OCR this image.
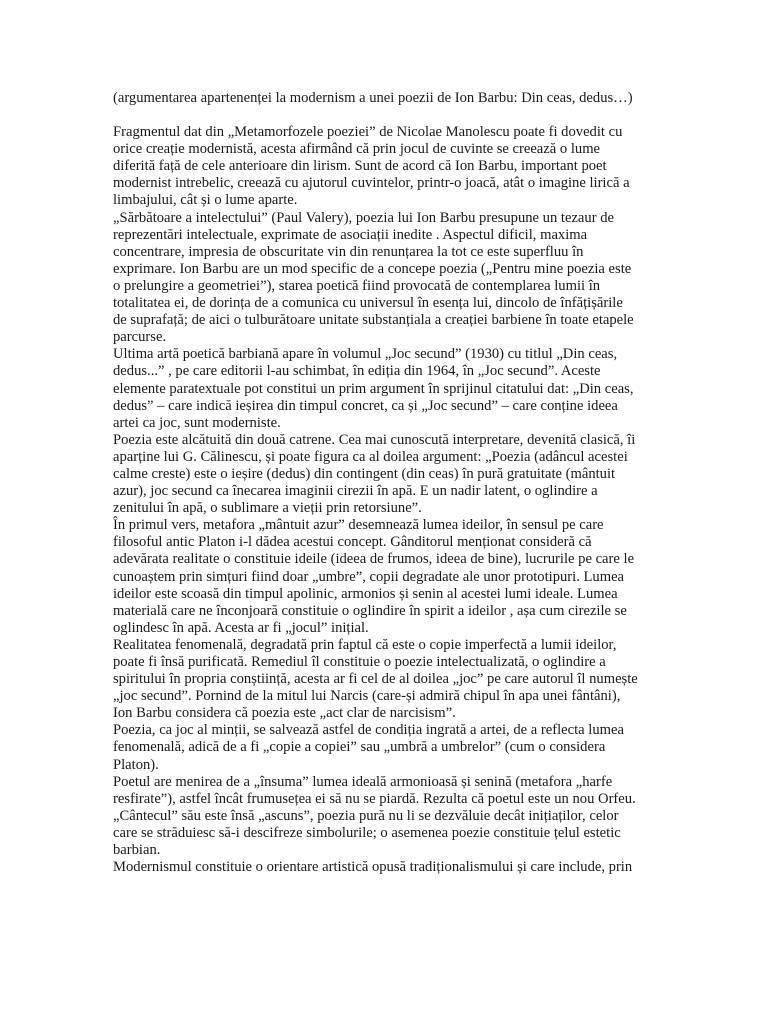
(argumentarea apartenenței la modernism a unei poezii de Ion Barbu: Din ceas, dedus…)

Fragmentul dat din „Metamorfozele poeziei” de Nicolae Manolescu poate fi dovedit cu
orice creație modernistă, acesta afirmând că prin jocul de cuvinte se creează o lume
diferită față de cele anterioare din lirism. Sunt de acord că Ion Barbu, important poet
modernist intrebelic, creează cu ajutorul cuvintelor, printr-o joacă, atât o imagine lirică a
limbajului, cât și o lume aparte.

„Sărbătoare a intelectului” (Paul Valery), poezia lui Ion Barbu presupune un tezaur de
reprezentări intelectuale, exprimate de asociații inedite . Aspectul dificil, maxima
concentrare, impresia de obscuritate vin din renunțarea la tot ce este superfluu în
exprimare. Ion Barbu are un mod specific de a concepe poezia („Pentru mine poezia este
o prelungire a geometriei”), starea poetică fiind provocată de contemplarea lumii în
totalitatea ei, de dorința de a comunica cu universul în esența lui, dincolo de înfățișările
de suprafață; de aici o tulburătoare unitate substanțiala a creației barbiene în toate etapele
parcurse.

Ultima artă poetică barbiană apare în volumul „Joc secund” (1930) cu titlul „Din ceas,
dedus...” , pe care editorii l-au schimbat, în ediția din 1964, în „Joc secund”. Aceste
elemente paratextuale pot constitui un prim argument în sprijinul citatului dat: „Din ceas,
dedus” – care indică ieșirea din timpul concret, ca și „Joc secund” – care conține ideea
artei ca joc, sunt moderniste.

Poezia este alcătuită din două catrene. Cea mai cunoscută interpretare, devenită clasică, îi
aparține lui G. Călinescu, și poate figura ca al doilea argument: „Poezia (adâncul acestei
calme creste) este o ieșire (dedus) din contingent (din ceas) în pură gratuitate (mântuit
azur), joc secund ca înecarea imaginii cirezii în apă. E un nadir latent, o oglindire a
zenitului în apă, o sublimare a vieții prin retorsiune”.

În primul vers, metafora „mântuit azur” desemnează lumea ideilor, în sensul pe care
filosoful antic Platon i-l dădea acestui concept. Gânditorul menționat consideră că
adevărata realitate o constituie ideile (ideea de frumos, ideea de bine), lucrurile pe care le
cunoaștem prin simțuri fiind doar „umbre”, copii degradate ale unor prototipuri. Lumea
ideilor este scoasă din timpul apolinic, armonios și senin al acestei lumi ideale. Lumea
materială care ne înconjoară constituie o oglindire în spirit a ideilor , așa cum cirezile se
oglindesc în apă. Acesta ar fi „jocul” inițial.

Realitatea fenomenală, degradată prin faptul că este o copie imperfectă a lumii ideilor,
poate fi însă purificată. Remediul îl constituie o poezie intelectualizată, o oglindire a
spiritului în propria conștiință, acesta ar fi cel de al doilea „joc” pe care autorul îl numește
„joc secund”. Pornind de la mitul lui Narcis (care-și admiră chipul în apa unei fântâni),
Ion Barbu considera că poezia este „act clar de narcisism”.

Poezia, ca joc al minții, se salvează astfel de condiția ingrată a artei, de a reflecta lumea
fenomenală, adică de a fi „copie a copiei” sau „umbră a umbrelor” (cum o considera
Platon).

Poetul are menirea de a „însuma” lumea ideală armonioasă și senină (metafora „harfe
resfirate”), astfel încât frumusețea ei să nu se piardă. Rezulta că poetul este un nou Orfeu.
„Cântecul” său este însă „ascuns”, poezia pură nu li se dezvăluie decât inițiaților, celor
care se străduiesc să-i descifreze simbolurile; o asemenea poezie constituie țelul estetic
barbian.

Modernismul constituie o orientare artistică opusă tradiționalismului și care include, prin
